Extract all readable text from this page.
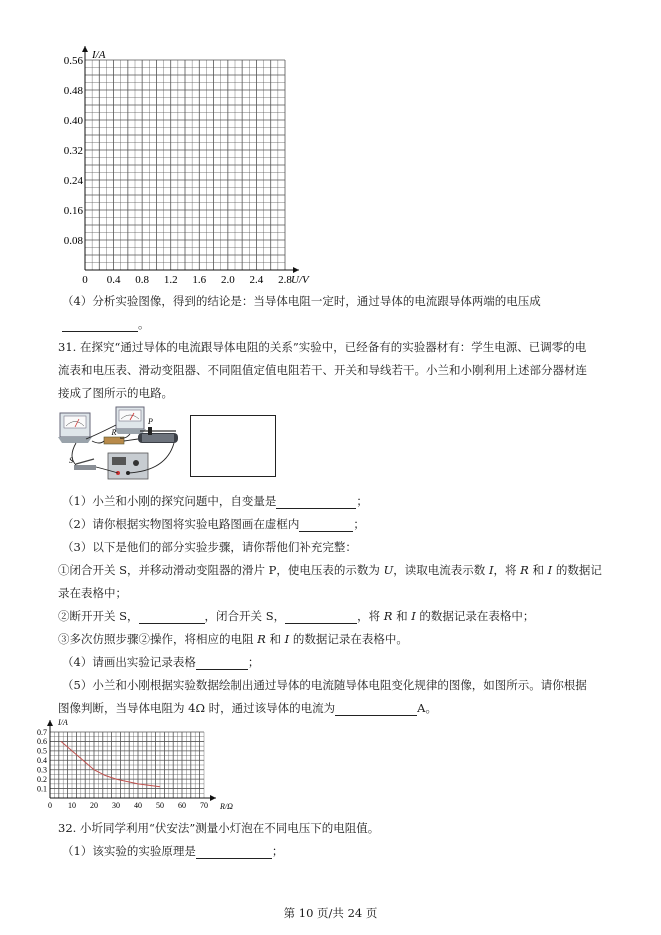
0.56
0.48
0.40
0.32
0.24
0.16
0.08
0 0.4 0.8 1.2 1.6 2.0 2.4 2.8
I/A
U/V
（4）分析实验图像，得到的结论是：当导体电阻一定时，通过导体的电流跟导体两端的电压成
。
31. 在探究“通过导体的电流跟导体电阻的关系”实验中，已经备有的实验器材有：学生电源、已调零的电
流表和电压表、滑动变阻器、不同阻值定值电阻若干、开关和导线若干。小兰和小刚利用上述部分器材连
接成了图所示的电路。
R
P
S
（1）小兰和小刚的探究问题中，自变量是	；
（2）请你根据实物图将实验电路图画在虚框内	；
（3）以下是他们的部分实验步骤，请你帮他们补充完整：
①闭合开关 S，并移动滑动变阻器的滑片 P，使电压表的示数为 U，读取电流表示数 I，将 R 和 I 的数据记
录在表格中；
②断开开关 S，	，闭合开关 S，	，将 R 和 I 的数据记录在表格中；
③多次仿照步骤②操作，将相应的电阻 R 和 I 的数据记录在表格中。
（4）请画出实验记录表格	；
（5）小兰和小刚根据实验数据绘制出通过导体的电流随导体电阻变化规律的图像，如图所示。请你根据
图像判断，当导体电阻为 4Ω 时，通过该导体的电流为	A。
0.7
0.6
0.5
0.4
0.3
0.2
0.1
0 10 20 30 40 50 60 70
I/A
R/Ω
32. 小圻同学利用“伏安法”测量小灯泡在不同电压下的电阻值。
（1）该实验的实验原理是	；
第 10 页/共 24 页
